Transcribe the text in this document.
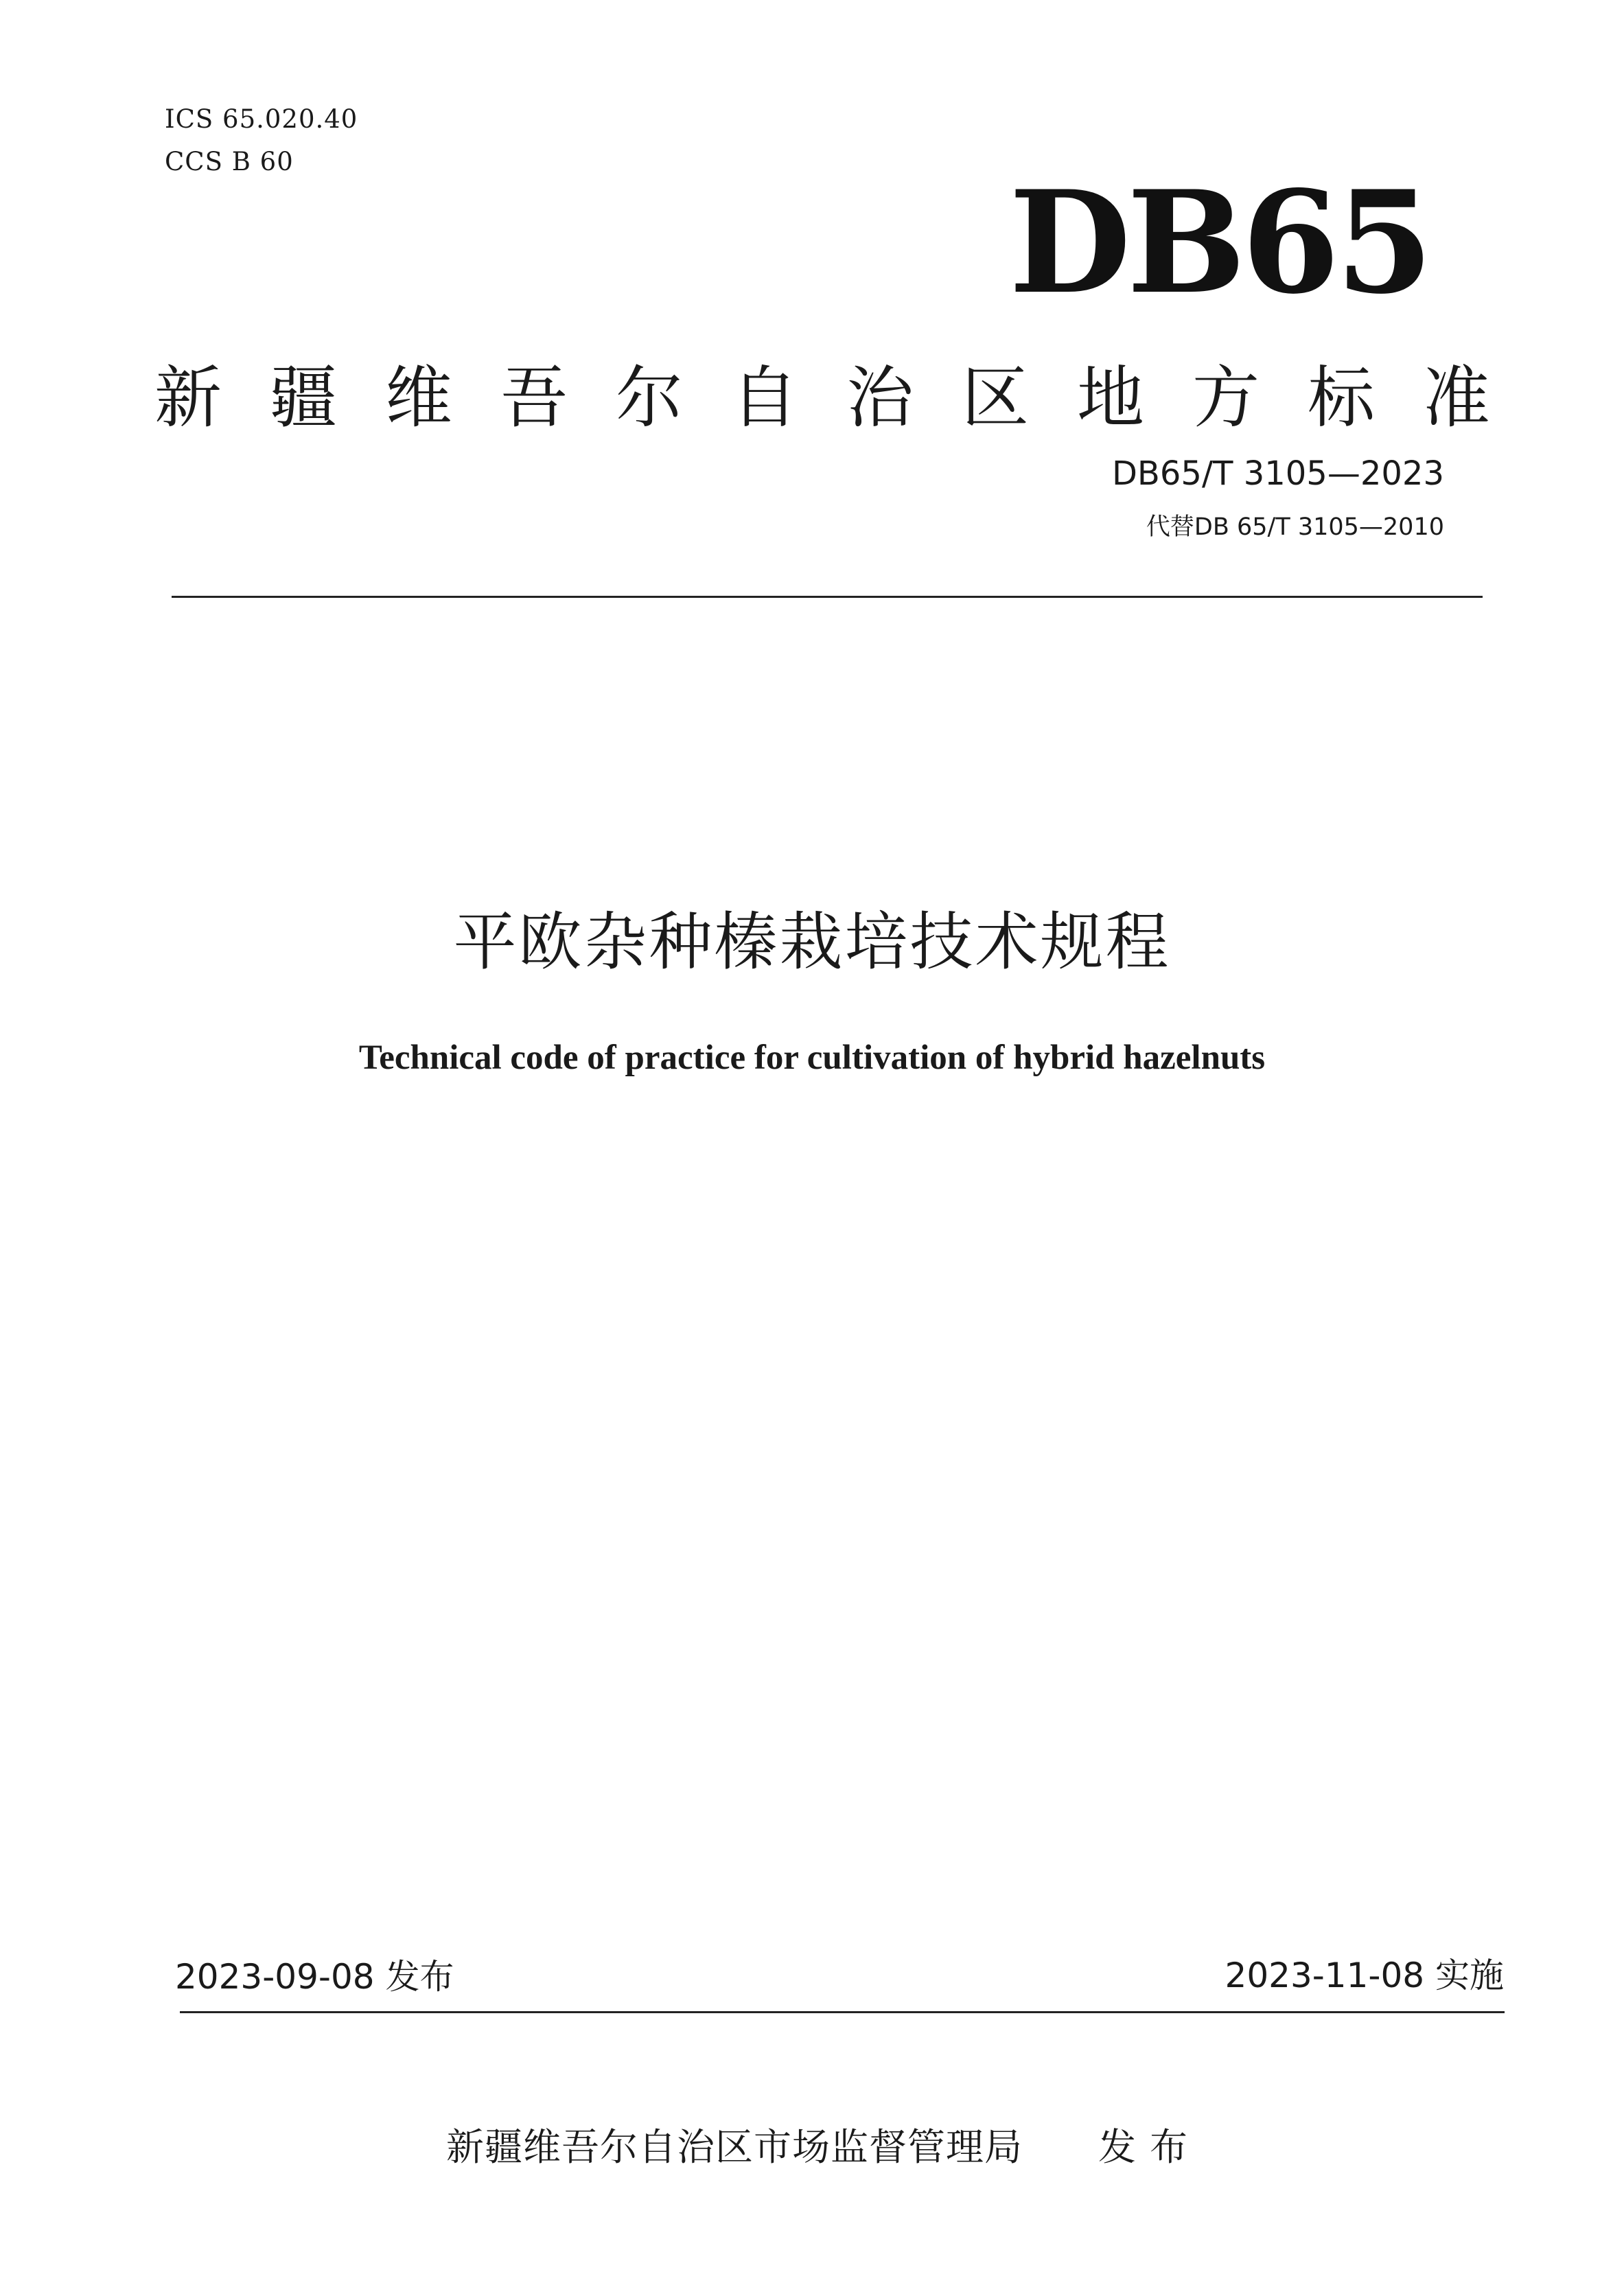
ICS 65.020.40
CCS B 60	DB65
新疆维吾尔自治区地方标准
DB65/T 3105—2023
代替DB 65/T 3105—2010
平欧杂种榛栽培技术规程
Technical code of practice for cultivation of hybrid hazelnuts
2023-09-08 发布	2023-11-08 实施
新疆维吾尔自治区市场监督管理局 发布
